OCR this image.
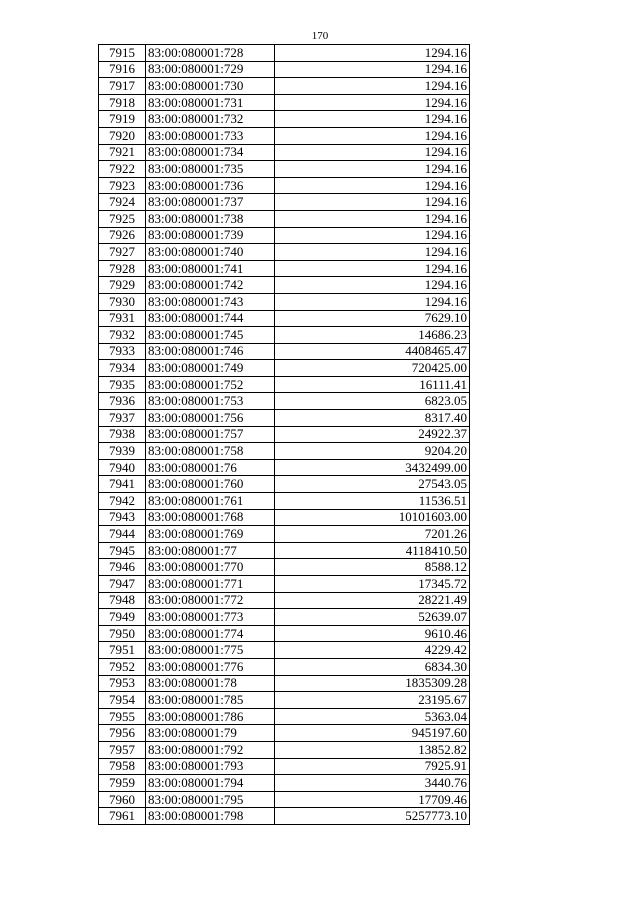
170
7915	83:00:080001:728	1294.16
7916	83:00:080001:729	1294.16
7917	83:00:080001:730	1294.16
7918	83:00:080001:731	1294.16
7919	83:00:080001:732	1294.16
7920	83:00:080001:733	1294.16
7921	83:00:080001:734	1294.16
7922	83:00:080001:735	1294.16
7923	83:00:080001:736	1294.16
7924	83:00:080001:737	1294.16
7925	83:00:080001:738	1294.16
7926	83:00:080001:739	1294.16
7927	83:00:080001:740	1294.16
7928	83:00:080001:741	1294.16
7929	83:00:080001:742	1294.16
7930	83:00:080001:743	1294.16
7931	83:00:080001:744	7629.10
7932	83:00:080001:745	14686.23
7933	83:00:080001:746	4408465.47
7934	83:00:080001:749	720425.00
7935	83:00:080001:752	16111.41
7936	83:00:080001:753	6823.05
7937	83:00:080001:756	8317.40
7938	83:00:080001:757	24922.37
7939	83:00:080001:758	9204.20
7940	83:00:080001:76	3432499.00
7941	83:00:080001:760	27543.05
7942	83:00:080001:761	11536.51
7943	83:00:080001:768	10101603.00
7944	83:00:080001:769	7201.26
7945	83:00:080001:77	4118410.50
7946	83:00:080001:770	8588.12
7947	83:00:080001:771	17345.72
7948	83:00:080001:772	28221.49
7949	83:00:080001:773	52639.07
7950	83:00:080001:774	9610.46
7951	83:00:080001:775	4229.42
7952	83:00:080001:776	6834.30
7953	83:00:080001:78	1835309.28
7954	83:00:080001:785	23195.67
7955	83:00:080001:786	5363.04
7956	83:00:080001:79	945197.60
7957	83:00:080001:792	13852.82
7958	83:00:080001:793	7925.91
7959	83:00:080001:794	3440.76
7960	83:00:080001:795	17709.46
7961	83:00:080001:798	5257773.10
